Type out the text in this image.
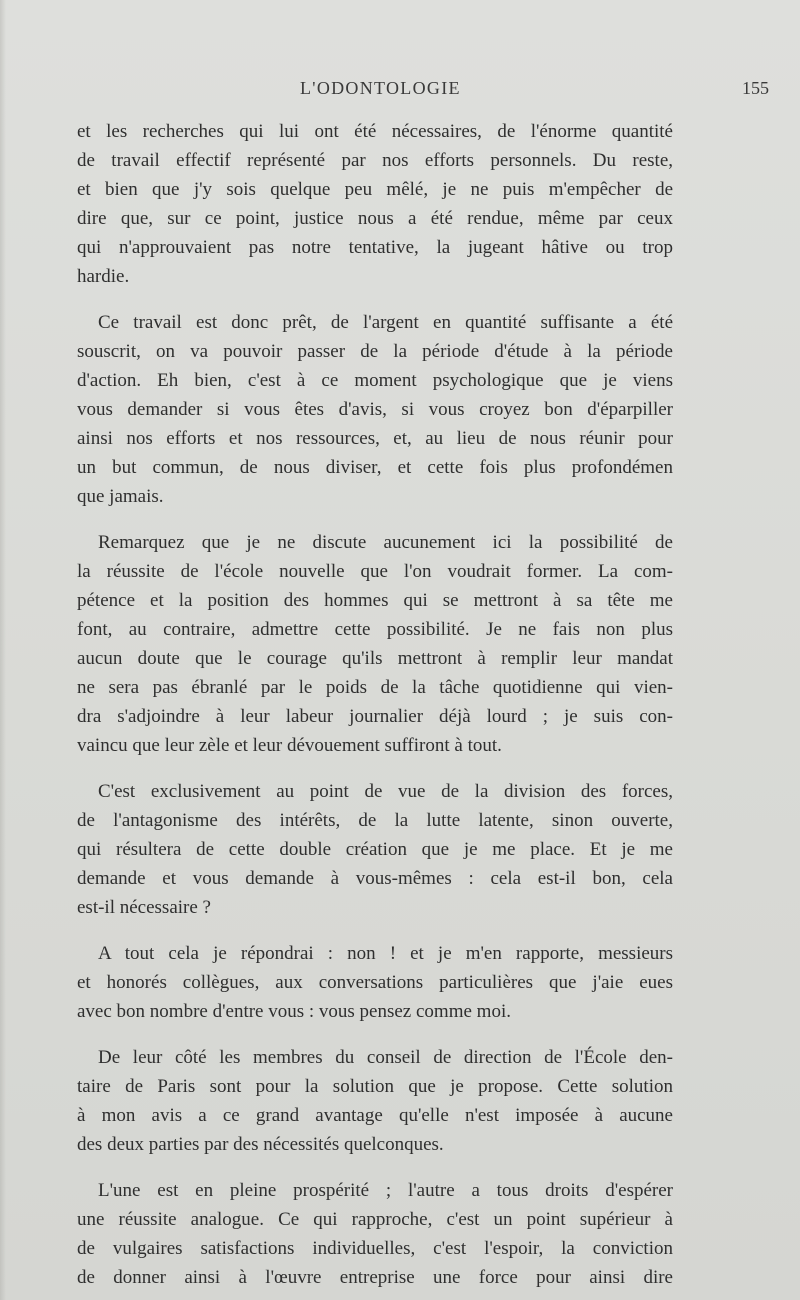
L'ODONTOLOGIE	155
et les recherches qui lui ont été nécessaires, de l'énorme quantité
de travail effectif représenté par nos efforts personnels. Du reste,
et bien que j'y sois quelque peu mêlé, je ne puis m'empêcher de
dire que, sur ce point, justice nous a été rendue, même par ceux
qui n'approuvaient pas notre tentative, la jugeant hâtive ou trop
hardie.
Ce travail est donc prêt, de l'argent en quantité suffisante a été
souscrit, on va pouvoir passer de la période d'étude à la période
d'action. Eh bien, c'est à ce moment psychologique que je viens
vous demander si vous êtes d'avis, si vous croyez bon d'éparpiller
ainsi nos efforts et nos ressources, et, au lieu de nous réunir pour
un but commun, de nous diviser, et cette fois plus profondémen
que jamais.
Remarquez que je ne discute aucunement ici la possibilité de
la réussite de l'école nouvelle que l'on voudrait former. La com-
pétence et la position des hommes qui se mettront à sa tête me
font, au contraire, admettre cette possibilité. Je ne fais non plus
aucun doute que le courage qu'ils mettront à remplir leur mandat
ne sera pas ébranlé par le poids de la tâche quotidienne qui vien-
dra s'adjoindre à leur labeur journalier déjà lourd ; je suis con-
vaincu que leur zèle et leur dévouement suffiront à tout.
C'est exclusivement au point de vue de la division des forces,
de l'antagonisme des intérêts, de la lutte latente, sinon ouverte,
qui résultera de cette double création que je me place. Et je me
demande et vous demande à vous-mêmes : cela est-il bon, cela
est-il nécessaire ?
A tout cela je répondrai : non ! et je m'en rapporte, messieurs
et honorés collègues, aux conversations particulières que j'aie eues
avec bon nombre d'entre vous : vous pensez comme moi.
De leur côté les membres du conseil de direction de l'École den-
taire de Paris sont pour la solution que je propose. Cette solution
à mon avis a ce grand avantage qu'elle n'est imposée à aucune
des deux parties par des nécessités quelconques.
L'une est en pleine prospérité ; l'autre a tous droits d'espérer
une réussite analogue. Ce qui rapproche, c'est un point supérieur à
de vulgaires satisfactions individuelles, c'est l'espoir, la conviction
de donner ainsi à l'œuvre entreprise une force pour ainsi dire
